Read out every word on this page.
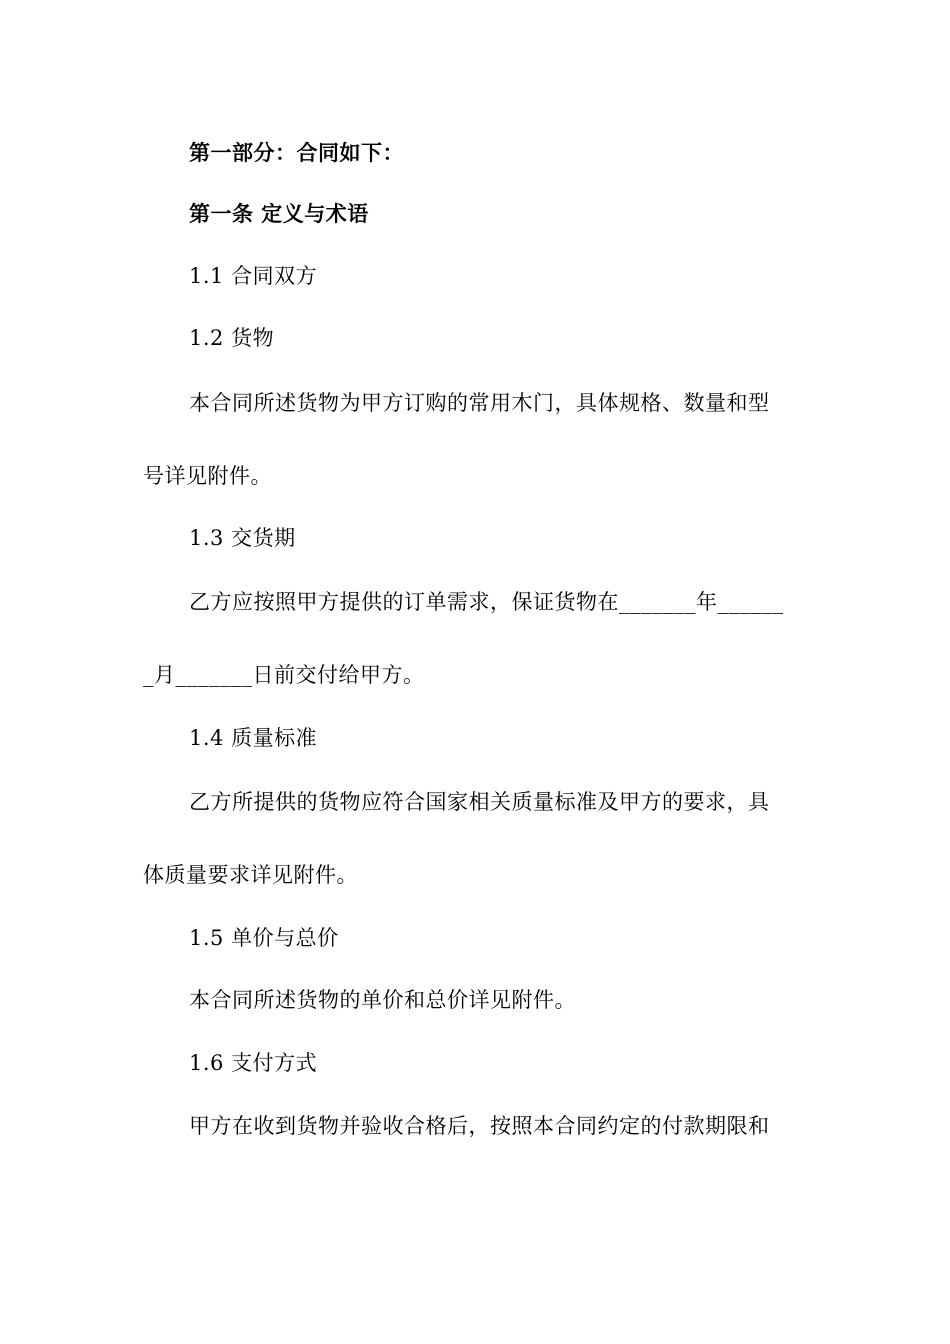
第一部分：合同如下：
第一条 定义与术语
1.1 合同双方
1.2 货物
本合同所述货物为甲方订购的常用木门，具体规格、数量和型
号详见附件。
1.3 交货期
乙方应按照甲方提供的订单需求，保证货物在_______年______
_月_______日前交付给甲方。
1.4 质量标准
乙方所提供的货物应符合国家相关质量标准及甲方的要求，具
体质量要求详见附件。
1.5 单价与总价
本合同所述货物的单价和总价详见附件。
1.6 支付方式
甲方在收到货物并验收合格后，按照本合同约定的付款期限和
